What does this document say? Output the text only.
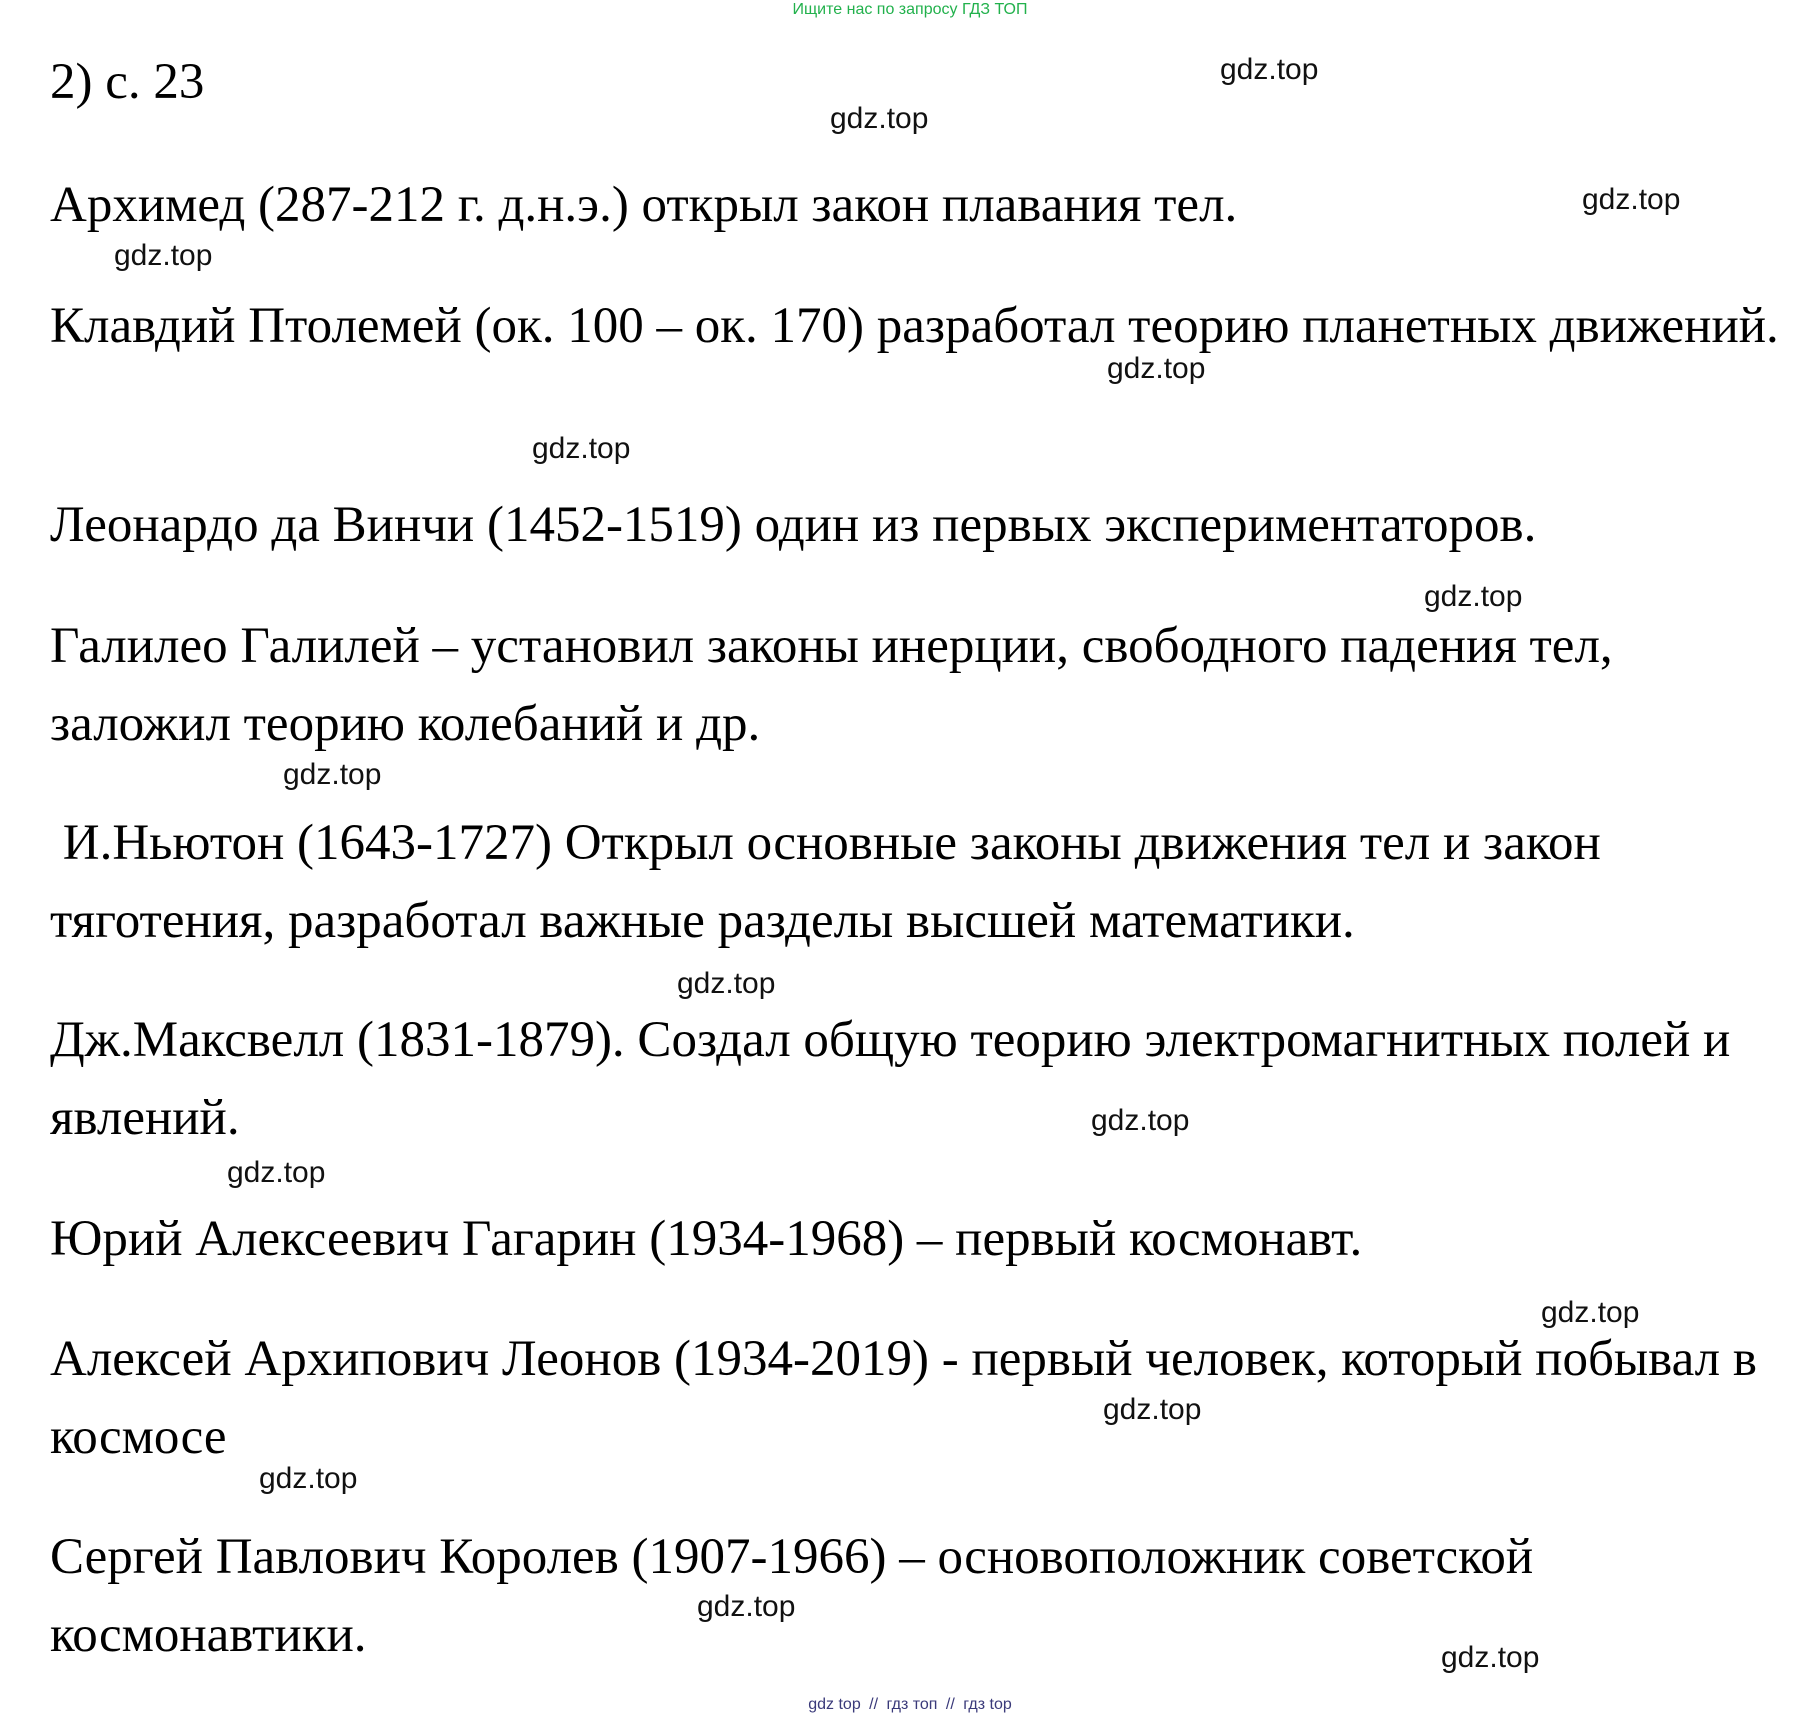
Ищите нас по запросу ГДЗ ТОП
2) с. 23

Архимед (287-212 г. д.н.э.) открыл закон плавания тел.

Клавдий Птолемей (ок. 100 – ок. 170) разработал теорию планетных движений.

Леонардо да Винчи (1452-1519) один из первых экспериментаторов.

Галилео Галилей – установил законы инерции, свободного падения тел, заложил теорию колебаний и др.

И.Ньютон (1643-1727) Открыл основные законы движения тел и закон тяготения, разработал важные разделы высшей математики.

Дж.Максвелл (1831-1879). Создал общую теорию электромагнитных полей и явлений.

Юрий Алексеевич Гагарин (1934-1968) – первый космонавт.

Алексей Архипович Леонов (1934-2019) - первый человек, который побывал в космосе

Сергей Павлович Королев (1907-1966) – основоположник советской космонавтики.

gdz.top
gdz.top
gdz.top
gdz.top
gdz.top
gdz.top
gdz.top
gdz.top
gdz.top
gdz.top
gdz.top
gdz.top
gdz.top
gdz.top
gdz.top
gdz.top
gdz top // гдз топ // гдз top
